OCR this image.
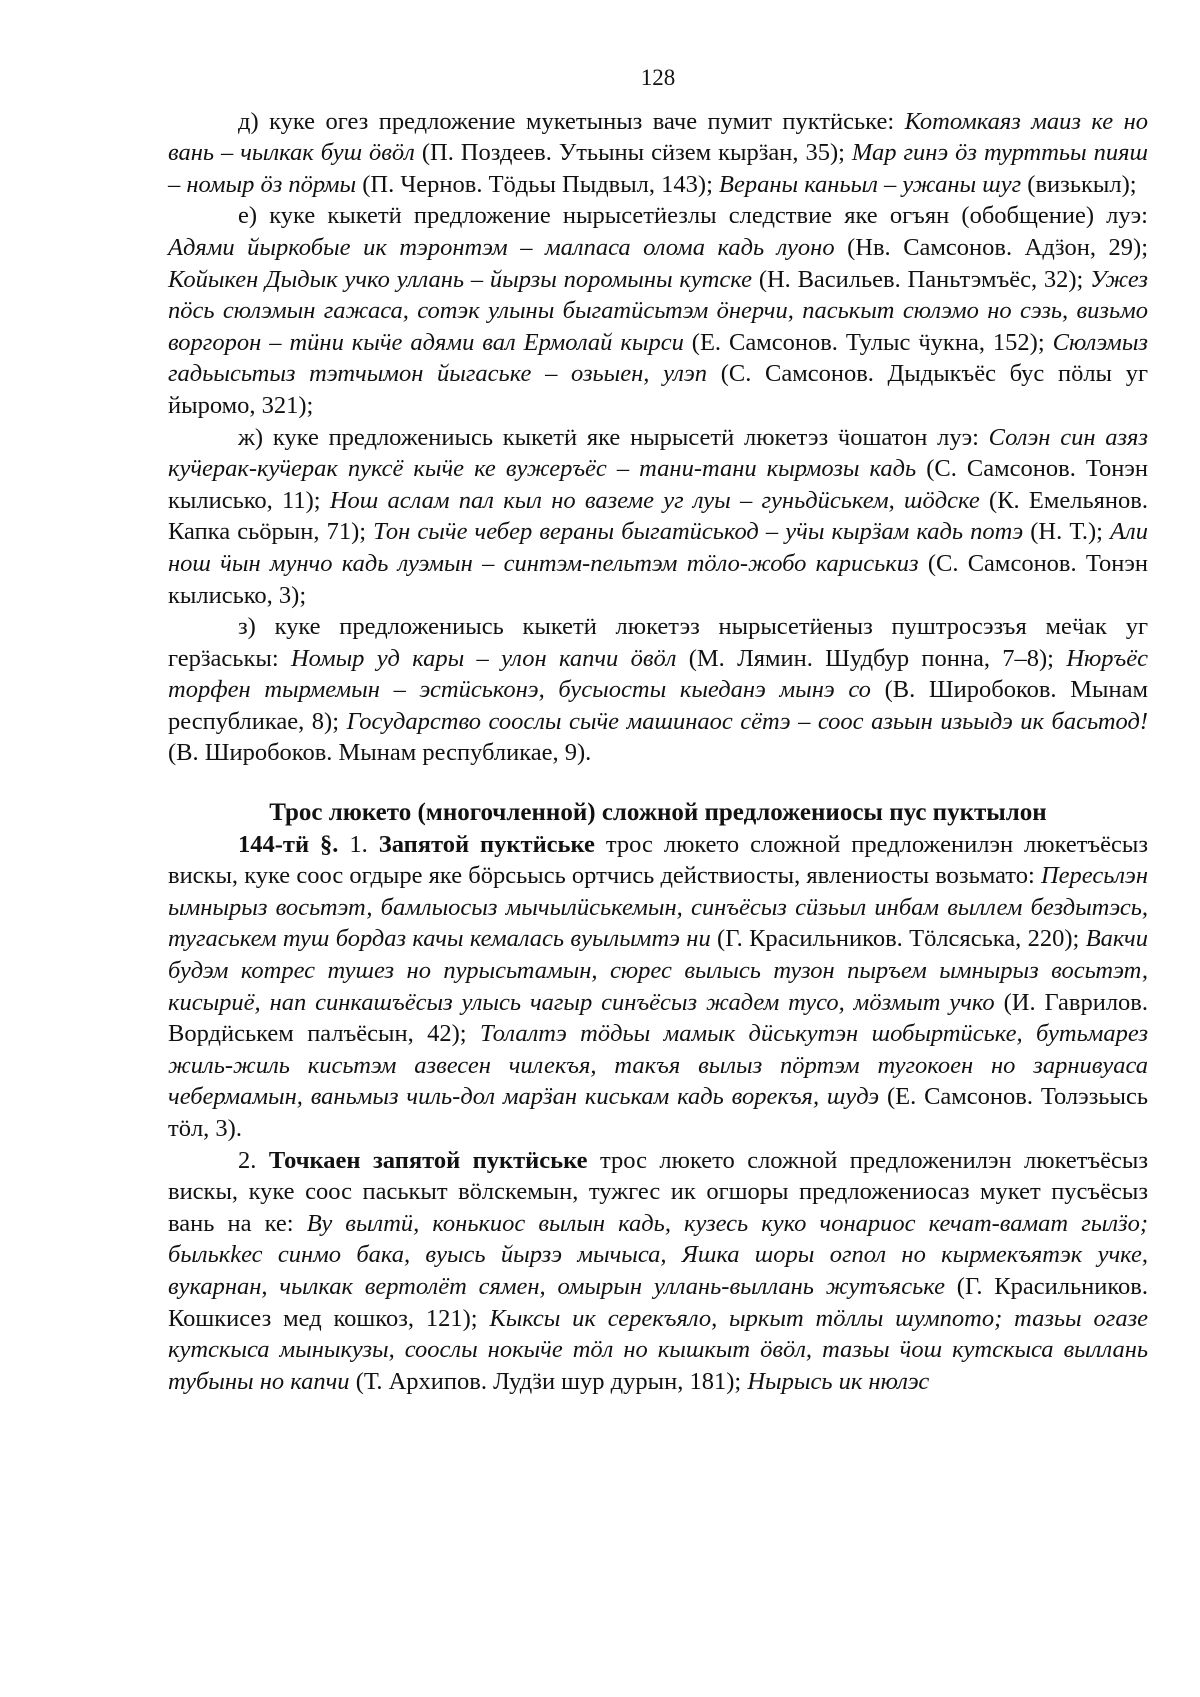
128

д) куке огез предложение мукетыныз ваче пумит пуктӥське: Котомкаяз маиз ке но вань – чылкак буш ӧвӧл (П. Поздеев. Утьыны сӥзем кырӟан, 35); Мар гинэ ӧз турттьы пияш – номыр ӧз пӧрмы (П. Чернов. Тӧдьы Пыдвыл, 143); Вераны каньыл – ужаны шуг (визькыл);

е) куке кыкетӥ предложение нырысетӥезлы следствие яке огъян (обобщение) луэ: Адями йыркобые ик тэронтэм – малпаса олома кадь луоно (Нв. Самсонов. Адӟон, 29); Койыкен Дыдык учко уллань – йырзы поромыны кутске (Н. Васильев. Паньтэмъёс, 32); Ужез пӧсь сюлэмын гажаса, сотэк улыны быгатӥсьтэм ӧнерчи, паськыт сюлэмо но сэзь, визьмо воргорон – тӥни кыӵе адями вал Ермолай кырси (Е. Самсонов. Тулыс ӵукна, 152); Сюлэмыз гадьысьтыз тэтчымон йыгаське – озьыен, улэп (С. Самсонов. Дыдыкъёс бус пӧлы уг йыромо, 321);

ж) куке предложениысь кыкетӥ яке нырысетӥ люкетэз ӵошатон луэ: Солэн син азяз куӵерак-куӵерак пуксё кыӵе ке вужеръёс – тани-тани кырмозы кадь (С. Самсонов. Тонэн кылисько, 11); Нош аслам пал кыл но ваземе уг луы – гуньдӥськем, шӧдске (К. Емельянов. Капка сьӧрын, 71); Тон сыӵе чебер вераны быгатӥськод – уӵы кырӟам кадь потэ (Н. Т.); Али нош ӵын мунчо кадь луэмын – синтэм-пельтэм тӧло-жобо кариськиз (С. Самсонов. Тонэн кылисько, 3);

з) куке предложениысь кыкетӥ люкетэз нырысетӥеныз пуштросэзъя меӵак уг герӟаськы: Номыр уд кары – улон капчи ӧвӧл (М. Лямин. Шудбур понна, 7–8); Нюръёс торфен тырмемын – эстӥськонэ, бусыосты кыеданэ мынэ со (В. Широбоков. Мынам республикае, 8); Государство сооcлы сыӵе машинаос сётэ – соос азьын изьыдэ ик басьтод! (В. Широбоков. Мынам республикае, 9).

Трос люкето (многочленной) сложной предложениосы пус пуктылон

144-тӥ §. 1. Запятой пуктӥське трос люкето сложной предложенилэн люкетъёсыз вискы, куке соос огдыре яке бӧрсьысь ортчись действиосты, явлениосты возьмато: Пересьлэн ымнырыз восьтэт, бамлыосыз мычылӥськемын, синъёсыз сӥзьыл инбам выллем бездытэсь, тугаськем туш бордаз качы кемалась вуылымтэ ни (Г. Красильников. Тӧлсяська, 220); Вакчи будэм котрес тушез но пурысьтамын, сюрес вылысь тузон пыръем ымнырыз восьтэт, кисыриё, нап синкашъёсыз улысь чагыр синъёсыз жадем тусо, мӧзмыт учко (И. Гаврилов. Вордӥськем палъёсын, 42); Толалтэ тӧдьы мамык дӥськутэн шобыртӥське, бутьмарез жиль-жиль кисьтэм азвесен чилекъя, такъя вылыз пӧртэм тугокоен но зарнивуаса чебермамын, ваньмыз чиль-дол марӟан киськам кадь ворекъя, шудэ (Е. Самсонов. Толэзьысь тӧл, 3).

2. Точкаен запятой пуктӥське трос люкето сложной предложенилэн люкетъёсыз вискы, куке соос паськыт вӧлскемын, тужгес ик огшоры предложениосаз мукет пусъёсыз вань на ке: Ву вылтӥ, конькиос вылын кадь, кузесь куко чонариос кечат-вамат гылӟо; былькkес синмо бака, вуысь йырзэ мычыса, Яшка шоры огпол но кырмекъятэк учке, вукарнан, чылкак вертолёт сямен, омырын уллань-выллань жутъяське (Г. Красильников. Кошкисез мед кошкоз, 121); Кыксы ик серекъяло, ыркыт тӧллы шумпото; тазьы огазе кутскыса мыныкузы, сооcлы нокыӵе тӧл но кышкыт ӧвӧл, тазьы ӵош кутскыса выллань тубыны но капчи (Т. Архипов. Лудӟи шур дурын, 181); Нырысь ик нюлэс
